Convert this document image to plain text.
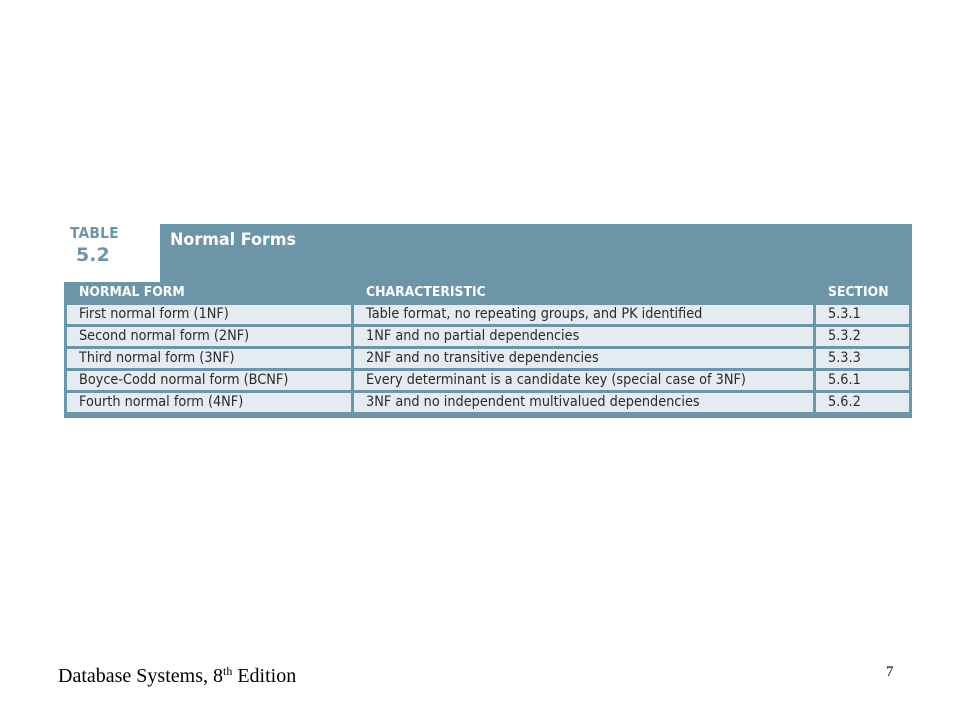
TABLE
5.2
Normal Forms
NORMAL FORM	CHARACTERISTIC	SECTION
First normal form (1NF)	Table format, no repeating groups, and PK identified	5.3.1
Second normal form (2NF)	1NF and no partial dependencies	5.3.2
Third normal form (3NF)	2NF and no transitive dependencies	5.3.3
Boyce-Codd normal form (BCNF)	Every determinant is a candidate key (special case of 3NF)	5.6.1
Fourth normal form (4NF)	3NF and no independent multivalued dependencies	5.6.2
Database Systems, 8th Edition	7
